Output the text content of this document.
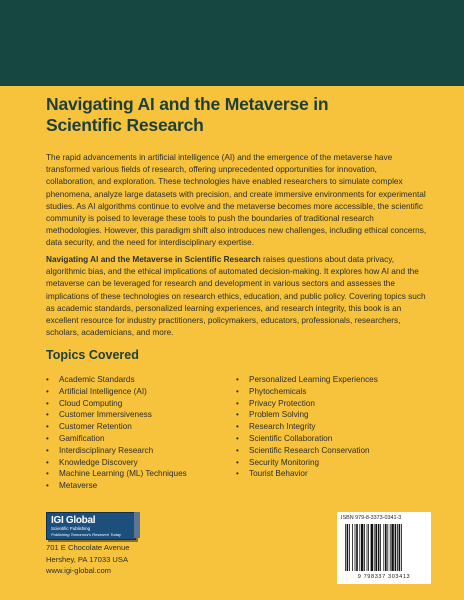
Navigating AI and the Metaverse in Scientific Research

The rapid advancements in artificial intelligence (AI) and the emergence of the metaverse have transformed various fields of research, offering unprecedented opportunities for innovation, collaboration, and exploration. These technologies have enabled researchers to simulate complex phenomena, analyze large datasets with precision, and create immersive environments for experimental studies. As AI algorithms continue to evolve and the metaverse becomes more accessible, the scientific community is poised to leverage these tools to push the boundaries of traditional research methodologies. However, this paradigm shift also introduces new challenges, including ethical concerns, data security, and the need for interdisciplinary expertise.

Navigating AI and the Metaverse in Scientific Research raises questions about data privacy, algorithmic bias, and the ethical implications of automated decision-making. It explores how AI and the metaverse can be leveraged for research and development in various sectors and assesses the implications of these technologies on research ethics, education, and public policy. Covering topics such as academic standards, personalized learning experiences, and research integrity, this book is an excellent resource for industry practitioners, policymakers, educators, professionals, researchers, scholars, academicians, and more.

Topics Covered
• Academic Standards
• Artificial Intelligence (AI)
• Cloud Computing
• Customer Immersiveness
• Customer Retention
• Gamification
• Interdisciplinary Research
• Knowledge Discovery
• Machine Learning (ML) Techniques
• Metaverse
• Personalized Learning Experiences
• Phytochemicals
• Privacy Protection
• Problem Solving
• Research Integrity
• Scientific Collaboration
• Scientific Research Conservation
• Security Monitoring
• Tourist Behavior
IGI Global
Scientific Publishing
Publishing Tomorrow's Research Today
701 E Chocolate Avenue
Hershey, PA 17033 USA
www.igi-global.com
ISBN 979-8-3373-0341-3
9 798337 303413
